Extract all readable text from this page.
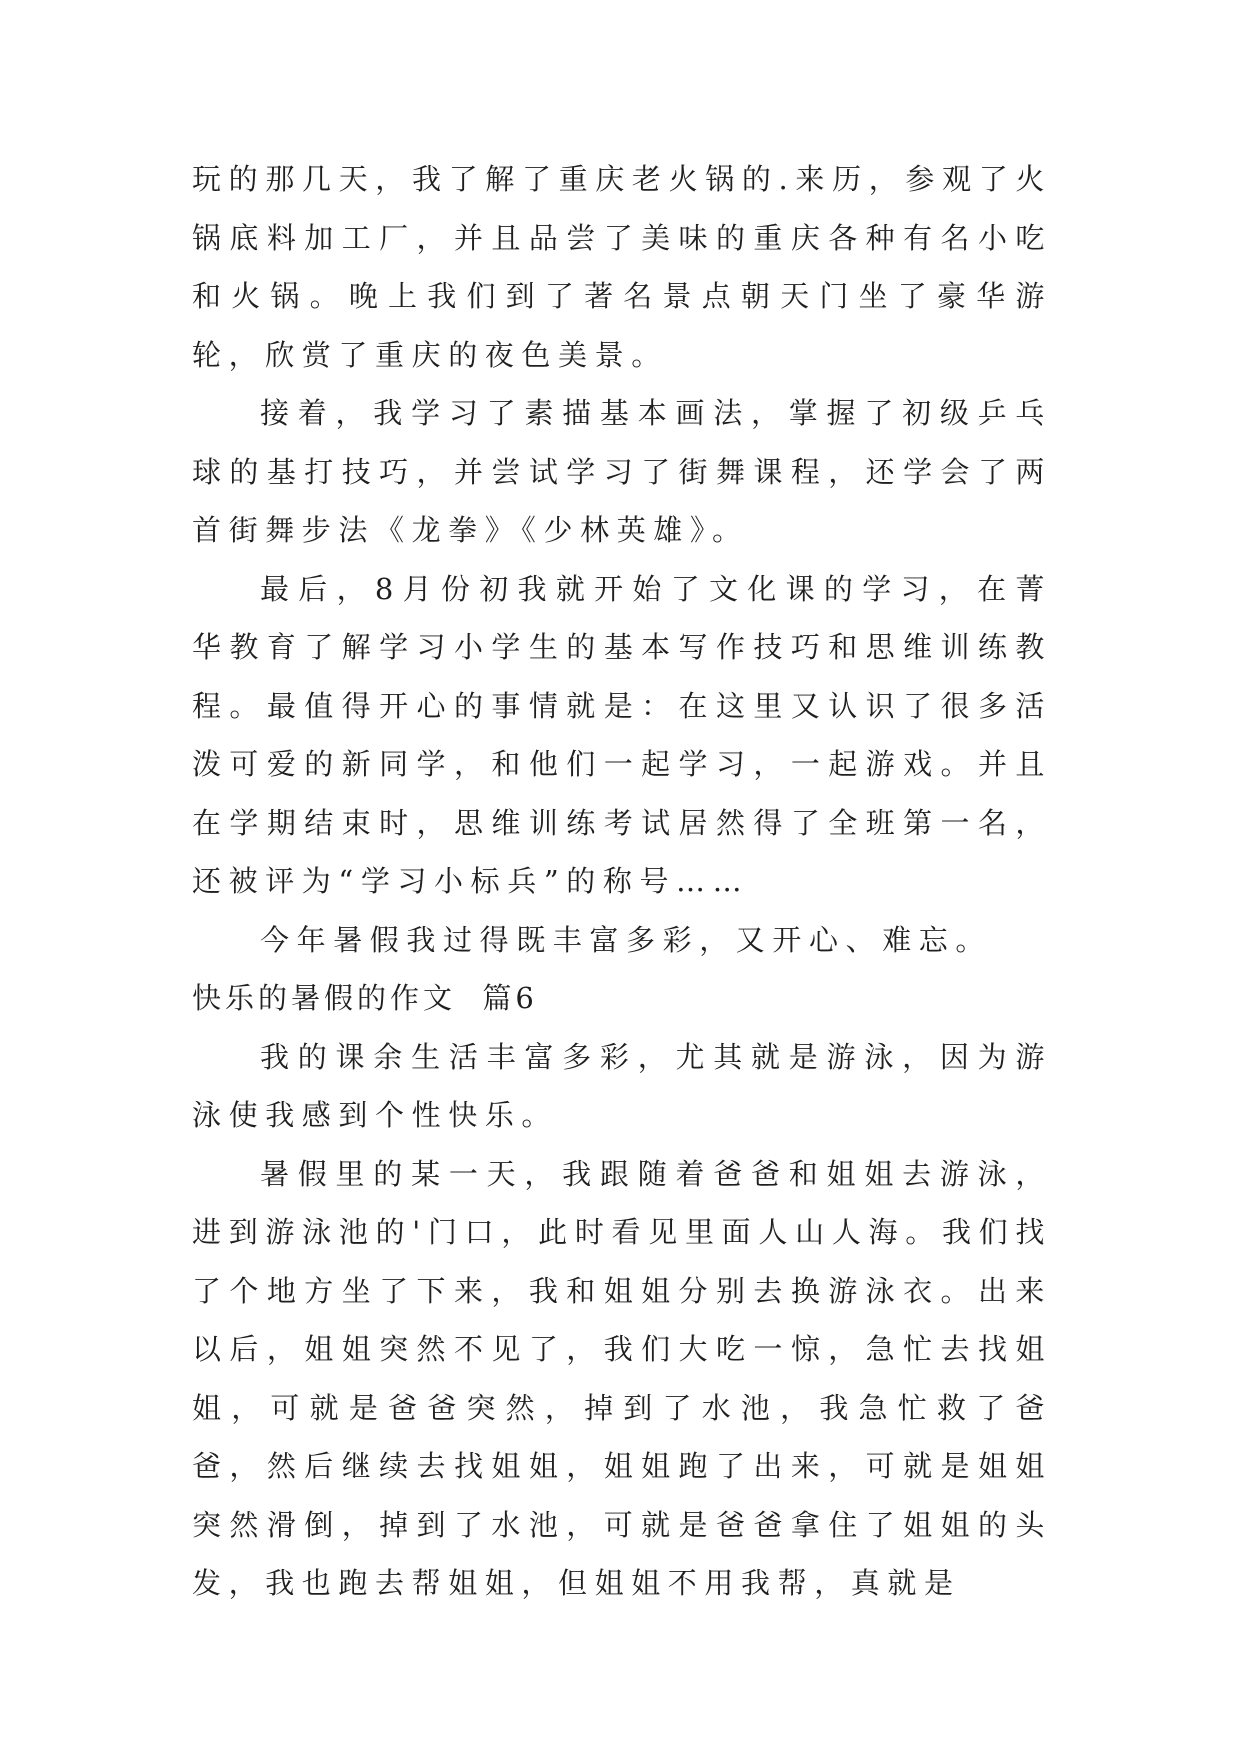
玩的那几天，我了解了重庆老火锅的.来历，参观了火锅底料加工厂，并且品尝了美味的重庆各种有名小吃和火锅。晚上我们到了著名景点朝天门坐了豪华游轮，欣赏了重庆的夜色美景。

接着，我学习了素描基本画法，掌握了初级乒乓球的基打技巧，并尝试学习了街舞课程，还学会了两首街舞步法《龙拳》《少林英雄》。

最后，8月份初我就开始了文化课的学习，在菁华教育了解学习小学生的基本写作技巧和思维训练教程。最值得开心的事情就是：在这里又认识了很多活泼可爱的新同学，和他们一起学习，一起游戏。并且在学期结束时，思维训练考试居然得了全班第一名，还被评为“学习小标兵”的称号……

今年暑假我过得既丰富多彩，又开心、难忘。

快乐的暑假的作文  篇6

我的课余生活丰富多彩，尤其就是游泳，因为游泳使我感到个性快乐。

暑假里的某一天，我跟随着爸爸和姐姐去游泳，进到游泳池的'门口，此时看见里面人山人海。我们找了个地方坐了下来，我和姐姐分别去换游泳衣。出来以后，姐姐突然不见了，我们大吃一惊，急忙去找姐姐，可就是爸爸突然，掉到了水池，我急忙救了爸爸，然后继续去找姐姐，姐姐跑了出来，可就是姐姐突然滑倒，掉到了水池，可就是爸爸拿住了姐姐的头发，我也跑去帮姐姐，但姐姐不用我帮，真就是
